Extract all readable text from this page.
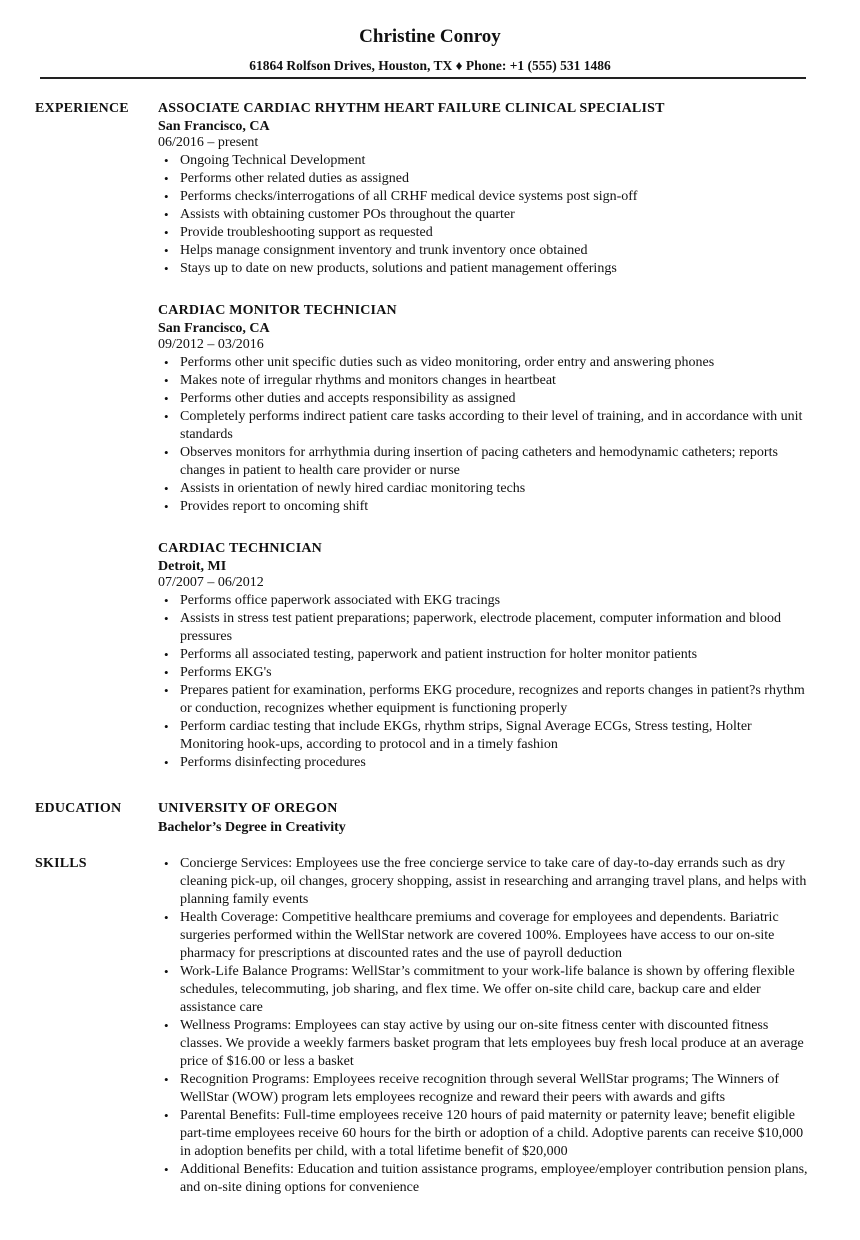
Christine Conroy
61864 Rolfson Drives, Houston, TX ♦ Phone: +1 (555) 531 1486
EXPERIENCE ASSOCIATE CARDIAC RHYTHM HEART FAILURE CLINICAL SPECIALIST
San Francisco, CA
06/2016 – present
• Ongoing Technical Development
• Performs other related duties as assigned
• Performs checks/interrogations of all CRHF medical device systems post sign-off
• Assists with obtaining customer POs throughout the quarter
• Provide troubleshooting support as requested
• Helps manage consignment inventory and trunk inventory once obtained
• Stays up to date on new products, solutions and patient management offerings
CARDIAC MONITOR TECHNICIAN
San Francisco, CA
09/2012 – 03/2016
• Performs other unit specific duties such as video monitoring, order entry and answering phones
• Makes note of irregular rhythms and monitors changes in heartbeat
• Performs other duties and accepts responsibility as assigned
• Completely performs indirect patient care tasks according to their level of training, and in accordance with unit standards
• Observes monitors for arrhythmia during insertion of pacing catheters and hemodynamic catheters; reports changes in patient to health care provider or nurse
• Assists in orientation of newly hired cardiac monitoring techs
• Provides report to oncoming shift
CARDIAC TECHNICIAN
Detroit, MI
07/2007 – 06/2012
• Performs office paperwork associated with EKG tracings
• Assists in stress test patient preparations; paperwork, electrode placement, computer information and blood pressures
• Performs all associated testing, paperwork and patient instruction for holter monitor patients
• Performs EKG's
• Prepares patient for examination, performs EKG procedure, recognizes and reports changes in patient?s rhythm or conduction, recognizes whether equipment is functioning properly
• Perform cardiac testing that include EKGs, rhythm strips, Signal Average ECGs, Stress testing, Holter Monitoring hook-ups, according to protocol and in a timely fashion
• Performs disinfecting procedures
EDUCATION	UNIVERSITY OF OREGON
Bachelor’s Degree in Creativity
SKILLS
•	Concierge Services: Employees use the free concierge service to take care of day-to-day errands such as dry cleaning pick-up, oil changes, grocery shopping, assist in researching and arranging travel plans, and helps with planning family events
• Health Coverage: Competitive healthcare premiums and coverage for employees and dependents. Bariatric surgeries performed within the WellStar network are covered 100%. Employees have access to our on-site pharmacy for prescriptions at discounted rates and the use of payroll deduction
• Work-Life Balance Programs: WellStar’s commitment to your work-life balance is shown by offering flexible schedules, telecommuting, job sharing, and flex time. We offer on-site child care, backup care and elder assistance care
• Wellness Programs: Employees can stay active by using our on-site fitness center with discounted fitness classes. We provide a weekly farmers basket program that lets employees buy fresh local produce at an average price of $16.00 or less a basket
• Recognition Programs: Employees receive recognition through several WellStar programs; The Winners of WellStar (WOW) program lets employees recognize and reward their peers with awards and gifts
• Parental Benefits: Full-time employees receive 120 hours of paid maternity or paternity leave; benefit eligible part-time employees receive 60 hours for the birth or adoption of a child. Adoptive parents can receive $10,000 in adoption benefits per child, with a total lifetime benefit of $20,000
• Additional Benefits: Education and tuition assistance programs, employee/employer contribution pension plans, and on-site dining options for convenience
